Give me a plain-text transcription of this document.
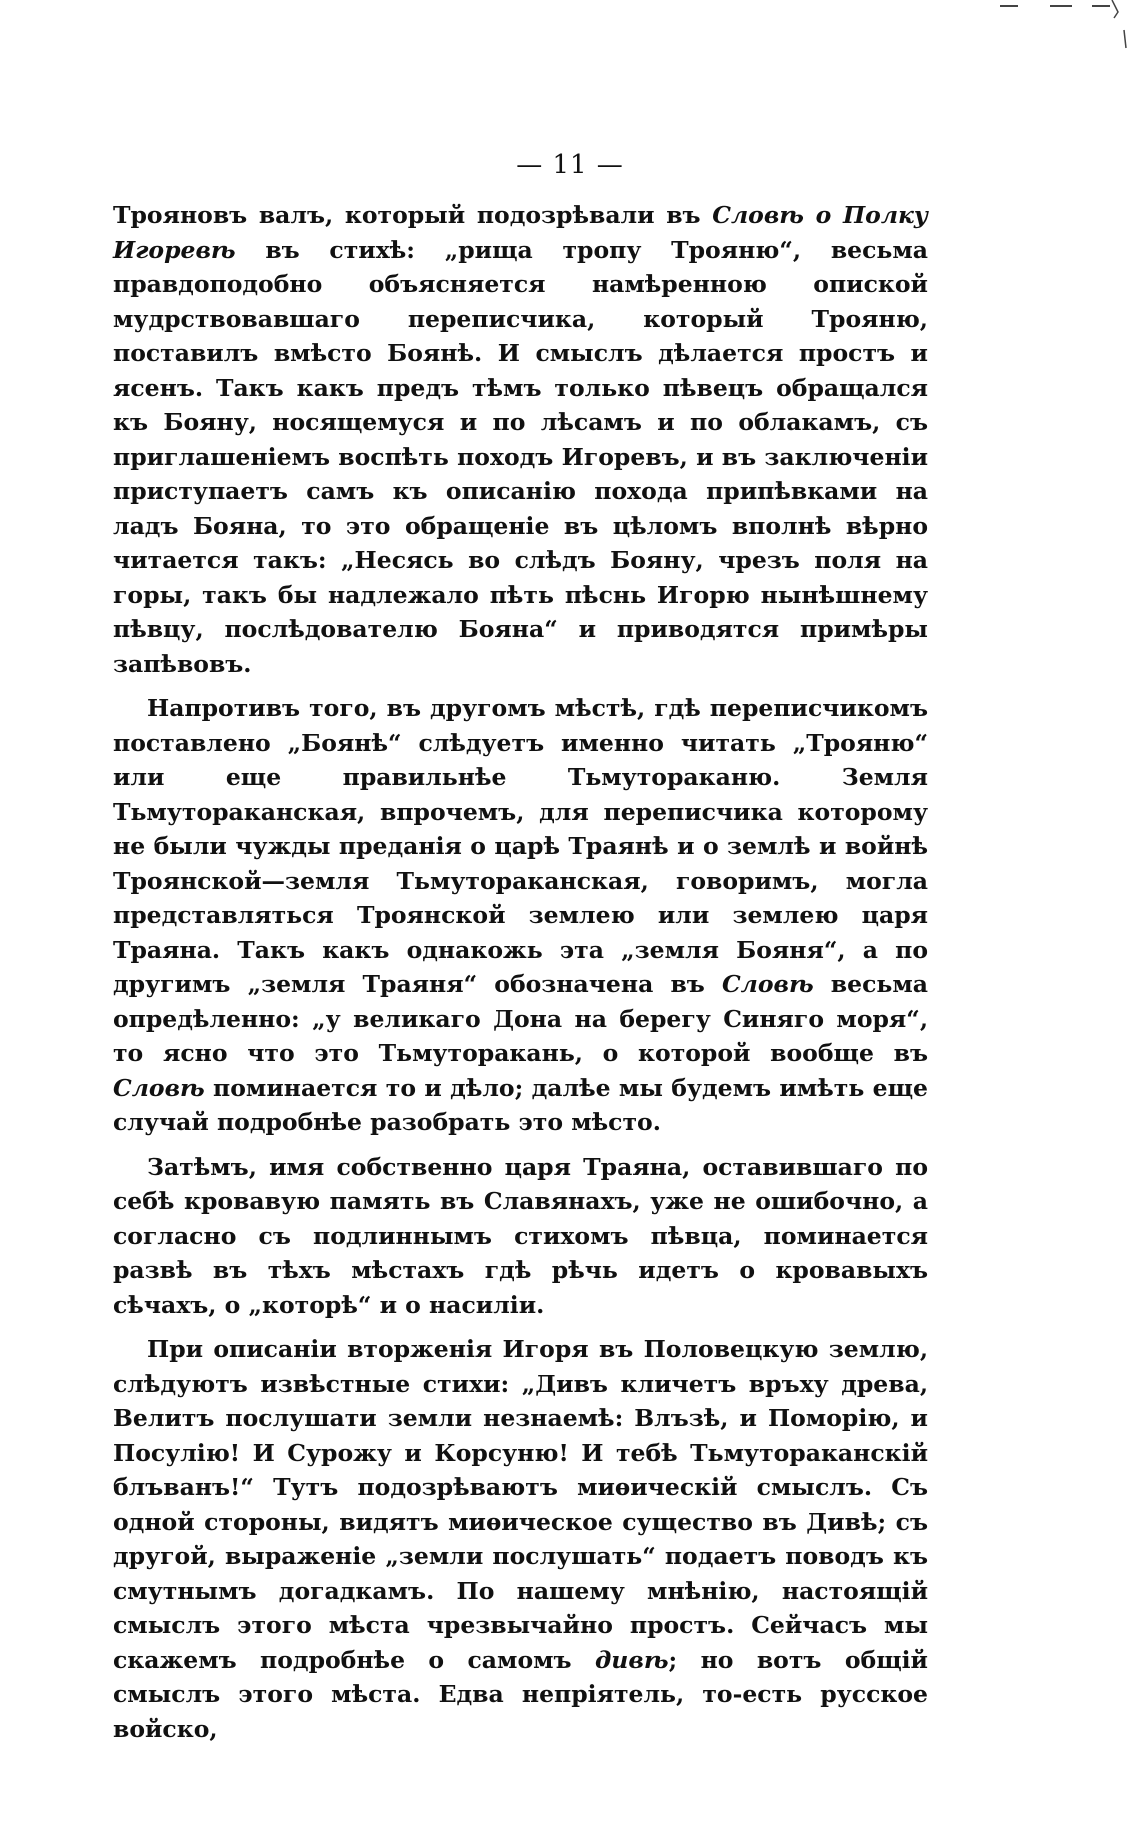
— 11 —

Трояновъ валъ, который подозрѣвали въ Словѣ о Полку Игоревѣ въ стихѣ: „рища тропу Трояню“, весьма правдоподобно объясняется намѣренною опиской мудрствовавшаго переписчика, который Трояню, поставилъ вмѣсто Боянѣ. И смыслъ дѣлается простъ и ясенъ. Такъ какъ предъ тѣмъ только пѣвецъ обращался къ Бояну, носящемуся и по лѣсамъ и по облакамъ, съ приглашеніемъ воспѣть походъ Игоревъ, и въ заключеніи приступаетъ самъ къ описанію похода припѣвками на ладъ Бояна, то это обращеніе въ цѣломъ вполнѣ вѣрно читается такъ: „Несясь во слѣдъ Бояну, чрезъ поля на горы, такъ бы надлежало пѣть пѣснь Игорю нынѣшнему пѣвцу, послѣдователю Бояна“ и приводятся примѣры запѣвовъ.

Напротивъ того, въ другомъ мѣстѣ, гдѣ переписчикомъ поставлено „Боянѣ“ слѣдуетъ именно читать „Трояню“ или еще правильнѣе Тьмутораканю. Земля Тьмутораканская, впрочемъ, для переписчика которому не были чужды преданія о царѣ Траянѣ и о землѣ и войнѣ Троянской—земля Тьмутораканская, говоримъ, могла представляться Троянской землею или землею царя Траяна. Такъ какъ однакожь эта „земля Бояня“, а по другимъ „земля Траяня“ обозначена въ Словѣ весьма опредѣленно: „у великаго Дона на берегу Синяго моря“, то ясно что это Тьмуторакань, о которой вообще въ Словѣ поминается то и дѣло; далѣе мы будемъ имѣть еще случай подробнѣе разобрать это мѣсто.

Затѣмъ, имя собственно царя Траяна, оставившаго по себѣ кровавую память въ Славянахъ, уже не ошибочно, а согласно съ подлиннымъ стихомъ пѣвца, поминается развѣ въ тѣхъ мѣстахъ гдѣ рѣчь идетъ о кровавыхъ сѣчахъ, о „которѣ“ и о насиліи.

При описаніи вторженія Игоря въ Половецкую землю, слѣдуютъ извѣстные стихи: „Дивъ кличетъ връху древа, Велитъ послушати земли незнаемѣ: Влъзѣ, и Поморію, и Посулію! И Сурожу и Корсуню! И тебѣ Тьмутораканскій блъванъ!“ Тутъ подозрѣваютъ миѳическій смыслъ. Съ одной стороны, видятъ миѳическое существо въ Дивѣ; съ другой, выраженіе „земли послушать“ подаетъ поводъ къ смутнымъ догадкамъ. По нашему мнѣнію, настоящій смыслъ этого мѣста чрезвычайно простъ. Сейчасъ мы скажемъ подробнѣе о самомъ дивѣ; но вотъ общій смыслъ этого мѣста. Едва непріятель, то-есть русское войско,
